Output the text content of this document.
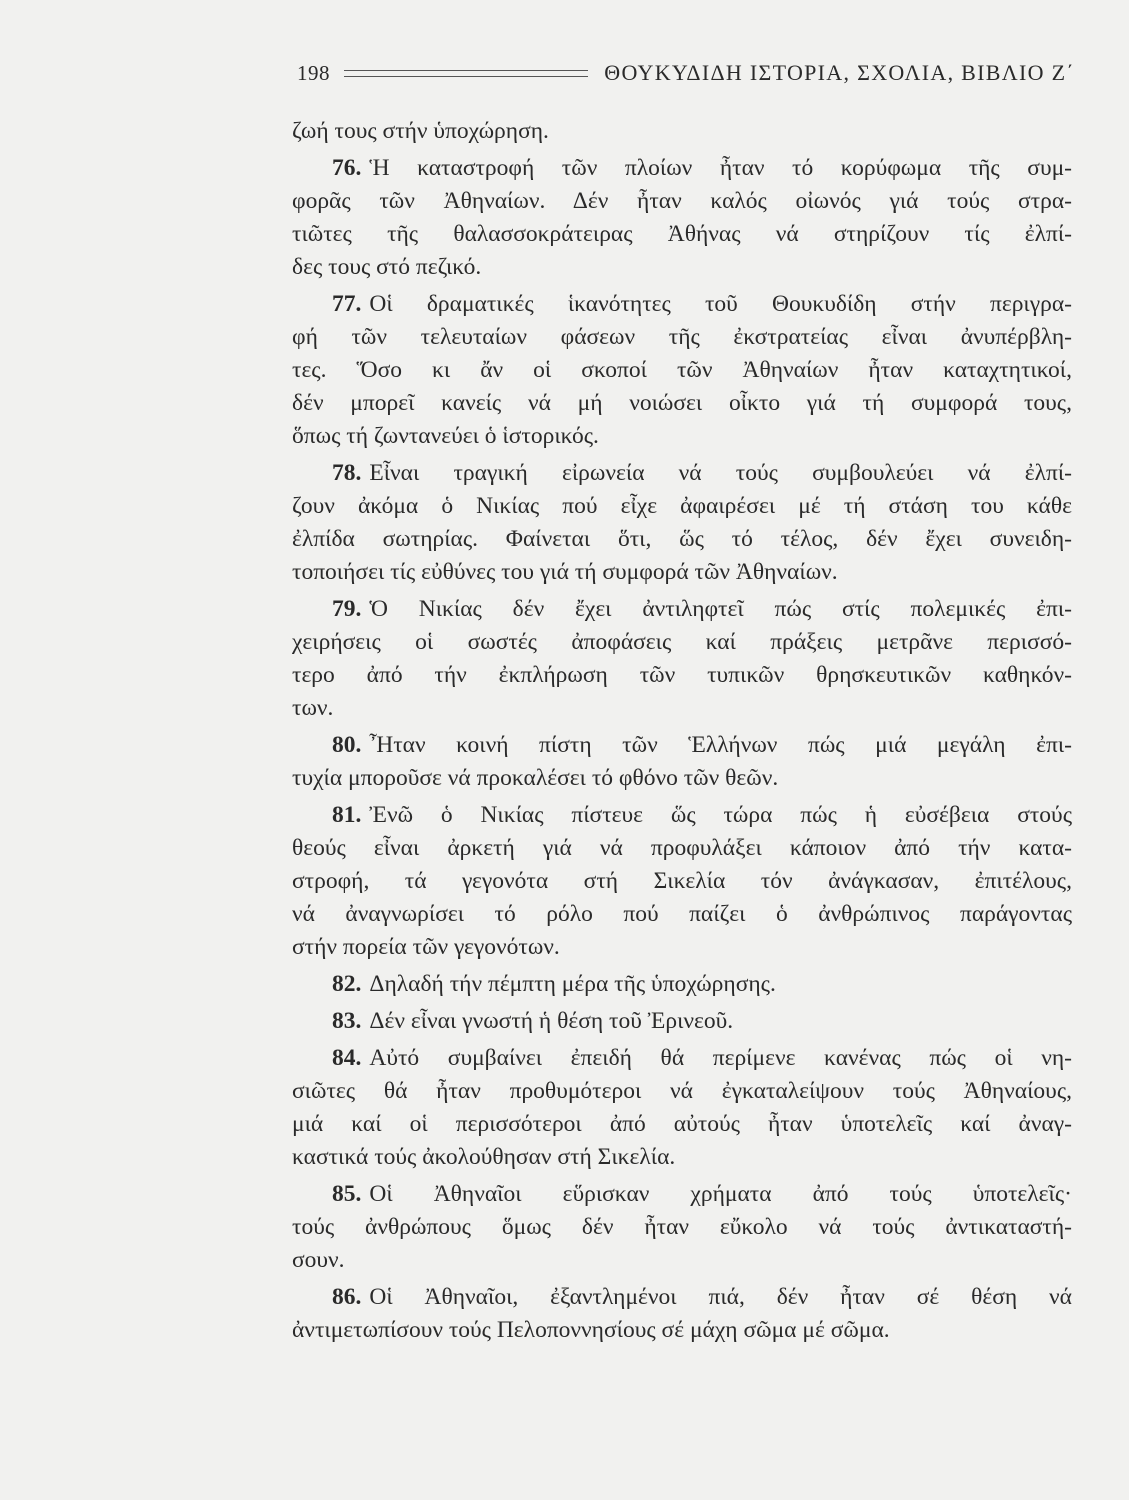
198	ΘΟΥΚΥΔΙΔΗ ΙΣΤΟΡΙΑ, ΣΧΟΛΙΑ, ΒΙΒΛΙΟ Ζ΄
ζωή τους στήν ὑποχώρηση.
76. Ἡ καταστροφή τῶν πλοίων ἦταν τό κορύφωμα τῆς συμ-
φορᾶς τῶν Ἀθηναίων. Δέν ἦταν καλός οἰωνός γιά τούς στρα-
τιῶτες τῆς θαλασσοκράτειρας Ἀθήνας νά στηρίζουν τίς ἐλπί-
δες τους στό πεζικό.
77. Οἱ δραματικές ἱκανότητες τοῦ Θουκυδίδη στήν περιγρα-
φή τῶν τελευταίων φάσεων τῆς ἐκστρατείας εἶναι ἀνυπέρβλη-
τες. Ὅσο κι ἄν οἱ σκοποί τῶν Ἀθηναίων ἦταν καταχτητικοί,
δέν μπορεῖ κανείς νά μή νοιώσει οἶκτο γιά τή συμφορά τους,
ὅπως τή ζωντανεύει ὁ ἱστορικός.
78. Εἶναι τραγική εἰρωνεία νά τούς συμβουλεύει νά ἐλπί-
ζουν ἀκόμα ὁ Νικίας πού εἶχε ἀφαιρέσει μέ τή στάση του κάθε
ἐλπίδα σωτηρίας. Φαίνεται ὅτι, ὥς τό τέλος, δέν ἔχει συνειδη-
τοποιήσει τίς εὐθύνες του γιά τή συμφορά τῶν Ἀθηναίων.
79. Ὁ Νικίας δέν ἔχει ἀντιληφτεῖ πώς στίς πολεμικές ἐπι-
χειρήσεις οἱ σωστές ἀποφάσεις καί πράξεις μετρᾶνε περισσό-
τερο ἀπό τήν ἐκπλήρωση τῶν τυπικῶν θρησκευτικῶν καθηκόν-
των.
80. Ἦταν κοινή πίστη τῶν Ἑλλήνων πώς μιά μεγάλη ἐπι-
τυχία μποροῦσε νά προκαλέσει τό φθόνο τῶν θεῶν.
81. Ἐνῶ ὁ Νικίας πίστευε ὥς τώρα πώς ἡ εὐσέβεια στούς
θεούς εἶναι ἀρκετή γιά νά προφυλάξει κάποιον ἀπό τήν κατα-
στροφή, τά γεγονότα στή Σικελία τόν ἀνάγκασαν, ἐπιτέλους,
νά ἀναγνωρίσει τό ρόλο πού παίζει ὁ ἀνθρώπινος παράγοντας
στήν πορεία τῶν γεγονότων.
82. Δηλαδή τήν πέμπτη μέρα τῆς ὑποχώρησης.
83. Δέν εἶναι γνωστή ἡ θέση τοῦ Ἐρινεοῦ.
84. Αὐτό συμβαίνει ἐπειδή θά περίμενε κανένας πώς οἱ νη-
σιῶτες θά ἦταν προθυμότεροι νά ἐγκαταλείψουν τούς Ἀθηναίους,
μιά καί οἱ περισσότεροι ἀπό αὐτούς ἦταν ὑποτελεῖς καί ἀναγ-
καστικά τούς ἀκολούθησαν στή Σικελία.
85. Οἱ Ἀθηναῖοι εὕρισκαν χρήματα ἀπό τούς ὑποτελεῖς·
τούς ἀνθρώπους ὅμως δέν ἦταν εὔκολο νά τούς ἀντικαταστή-
σουν.
86. Οἱ Ἀθηναῖοι, ἐξαντλημένοι πιά, δέν ἦταν σέ θέση νά
ἀντιμετωπίσουν τούς Πελοποννησίους σέ μάχη σῶμα μέ σῶμα.
